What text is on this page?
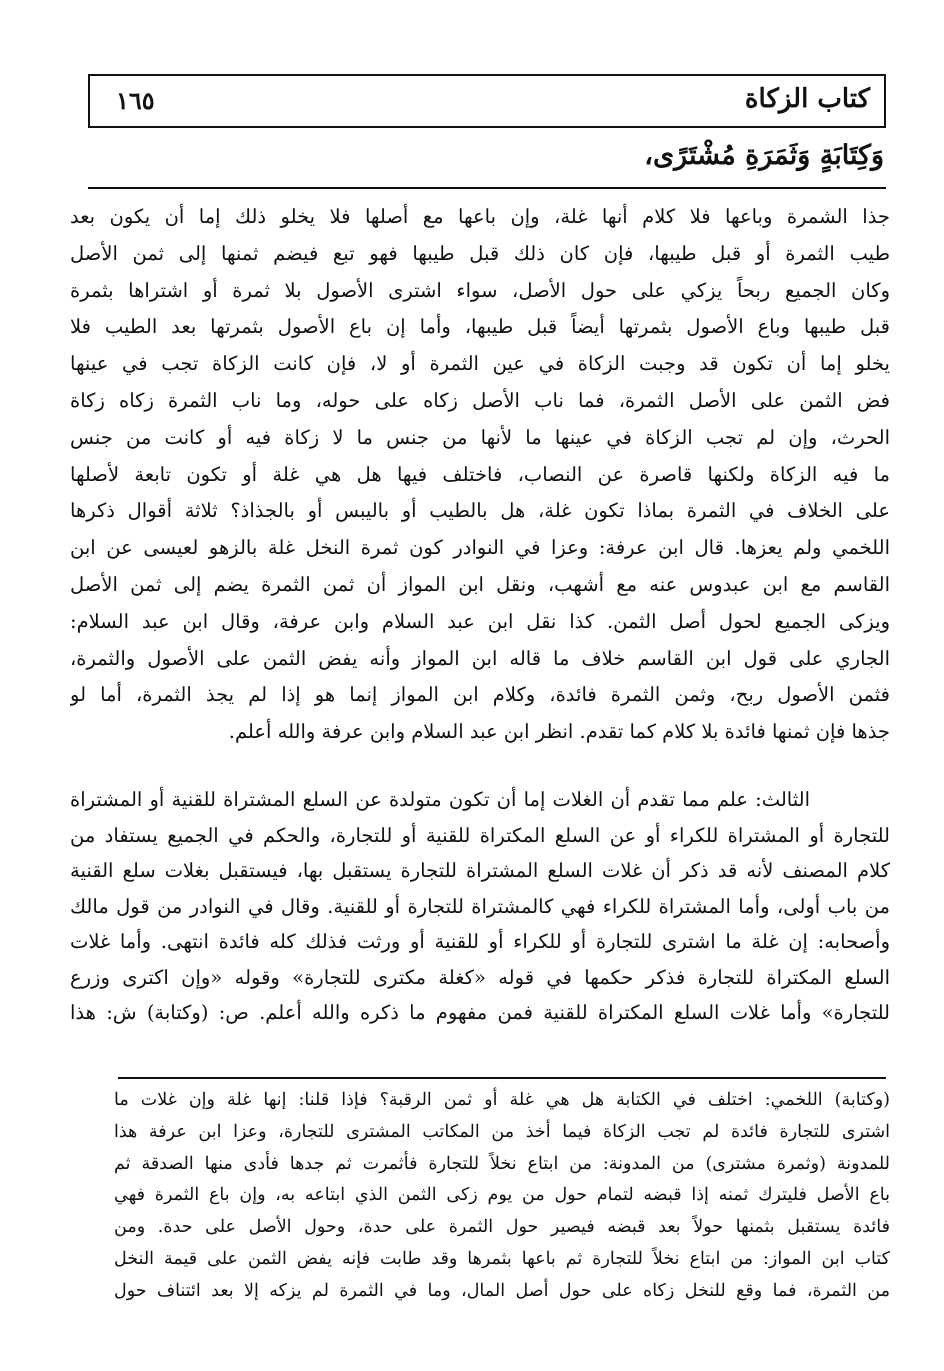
كتاب الزكاة
١٦٥
وَكِتَابَةٍ وَثَمَرَةِ مُشْتَرًى،
جذا الشمرة وباعها فلا كلام أنها غلة، وإن باعها مع أصلها فلا يخلو ذلك إما أن يكون بعد
طيب الثمرة أو قبل طيبها، فإن كان ذلك قبل طيبها فهو تبع فيضم ثمنها إلى ثمن الأصل
وكان الجميع ربحاً يزكي على حول الأصل، سواء اشترى الأصول بلا ثمرة أو اشتراها بثمرة
قبل طيبها وباع الأصول بثمرتها أيضاً قبل طيبها، وأما إن باع الأصول بثمرتها بعد الطيب فلا
يخلو إما أن تكون قد وجبت الزكاة في عين الثمرة أو لا، فإن كانت الزكاة تجب في عينها
فض الثمن على الأصل الثمرة، فما ناب الأصل زكاه على حوله، وما ناب الثمرة زكاه زكاة
الحرث، وإن لم تجب الزكاة في عينها ما لأنها من جنس ما لا زكاة فيه أو كانت من جنس
ما فيه الزكاة ولكنها قاصرة عن النصاب، فاختلف فيها هل هي غلة أو تكون تابعة لأصلها
على الخلاف في الثمرة بماذا تكون غلة، هل بالطيب أو باليبس أو بالجذاذ؟ ثلاثة أقوال ذكرها
اللخمي ولم يعزها. قال ابن عرفة: وعزا في النوادر كون ثمرة النخل غلة بالزهو لعيسى عن ابن
القاسم مع ابن عبدوس عنه مع أشهب، ونقل ابن المواز أن ثمن الثمرة يضم إلى ثمن الأصل
ويزكى الجميع لحول أصل الثمن. كذا نقل ابن عبد السلام وابن عرفة، وقال ابن عبد السلام:
الجاري على قول ابن القاسم خلاف ما قاله ابن المواز وأنه يفض الثمن على الأصول والثمرة،
فثمن الأصول ربح، وثمن الثمرة فائدة، وكلام ابن المواز إنما هو إذا لم يجذ الثمرة، أما لو
جذها فإن ثمنها فائدة بلا كلام كما تقدم. انظر ابن عبد السلام وابن عرفة والله أعلم.
الثالث: علم مما تقدم أن الغلات إما أن تكون متولدة عن السلع المشتراة للقنية أو المشتراة
للتجارة أو المشتراة للكراء أو عن السلع المكتراة للقنية أو للتجارة، والحكم في الجميع يستفاد من
كلام المصنف لأنه قد ذكر أن غلات السلع المشتراة للتجارة يستقبل بها، فيستقبل بغلات سلع القنية
من باب أولى، وأما المشتراة للكراء فهي كالمشتراة للتجارة أو للقنية. وقال في النوادر من قول مالك
وأصحابه: إن غلة ما اشترى للتجارة أو للكراء أو للقنية أو ورثت فذلك كله فائدة انتهى. وأما غلات
السلع المكتراة للتجارة فذكر حكمها في قوله «كغلة مكترى للتجارة» وقوله «وإن اكترى وزرع
للتجارة» وأما غلات السلع المكتراة للقنية فمن مفهوم ما ذكره والله أعلم. ص: (وكتابة) ش: هذا
(وكتابة) اللخمي: اختلف في الكتابة هل هي غلة أو ثمن الرقبة؟ فإذا قلنا: إنها غلة وإن غلات ما
اشترى للتجارة فائدة لم تجب الزكاة فيما أخذ من المكاتب المشترى للتجارة، وعزا ابن عرفة هذا
للمدونة (وثمرة مشترى) من المدونة: من ابتاع نخلاً للتجارة فأثمرت ثم جدها فأدى منها الصدقة ثم
باع الأصل فليترك ثمنه إذا قبضه لتمام حول من يوم زكى الثمن الذي ابتاعه به، وإن باع الثمرة فهي
فائدة يستقبل بثمنها حولاً بعد قبضه فيصير حول الثمرة على حدة، وحول الأصل على حدة. ومن
كتاب ابن المواز: من ابتاع نخلاً للتجارة ثم باعها بثمرها وقد طابت فإنه يفض الثمن على قيمة النخل
من الثمرة، فما وقع للنخل زكاه على حول أصل المال، وما في الثمرة لم يزكه إلا بعد ائتناف حول
